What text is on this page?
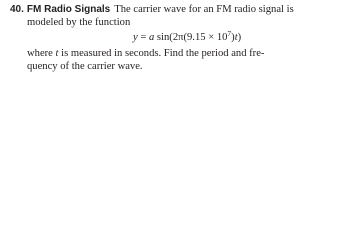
40. FM Radio Signals The carrier wave for an FM radio signal is
modeled by the function
y = a $\sin(2\pi(9.15 \times 10^7)t)$
where t is measured in seconds. Find the period and fre-
quency of the carrier wave.
